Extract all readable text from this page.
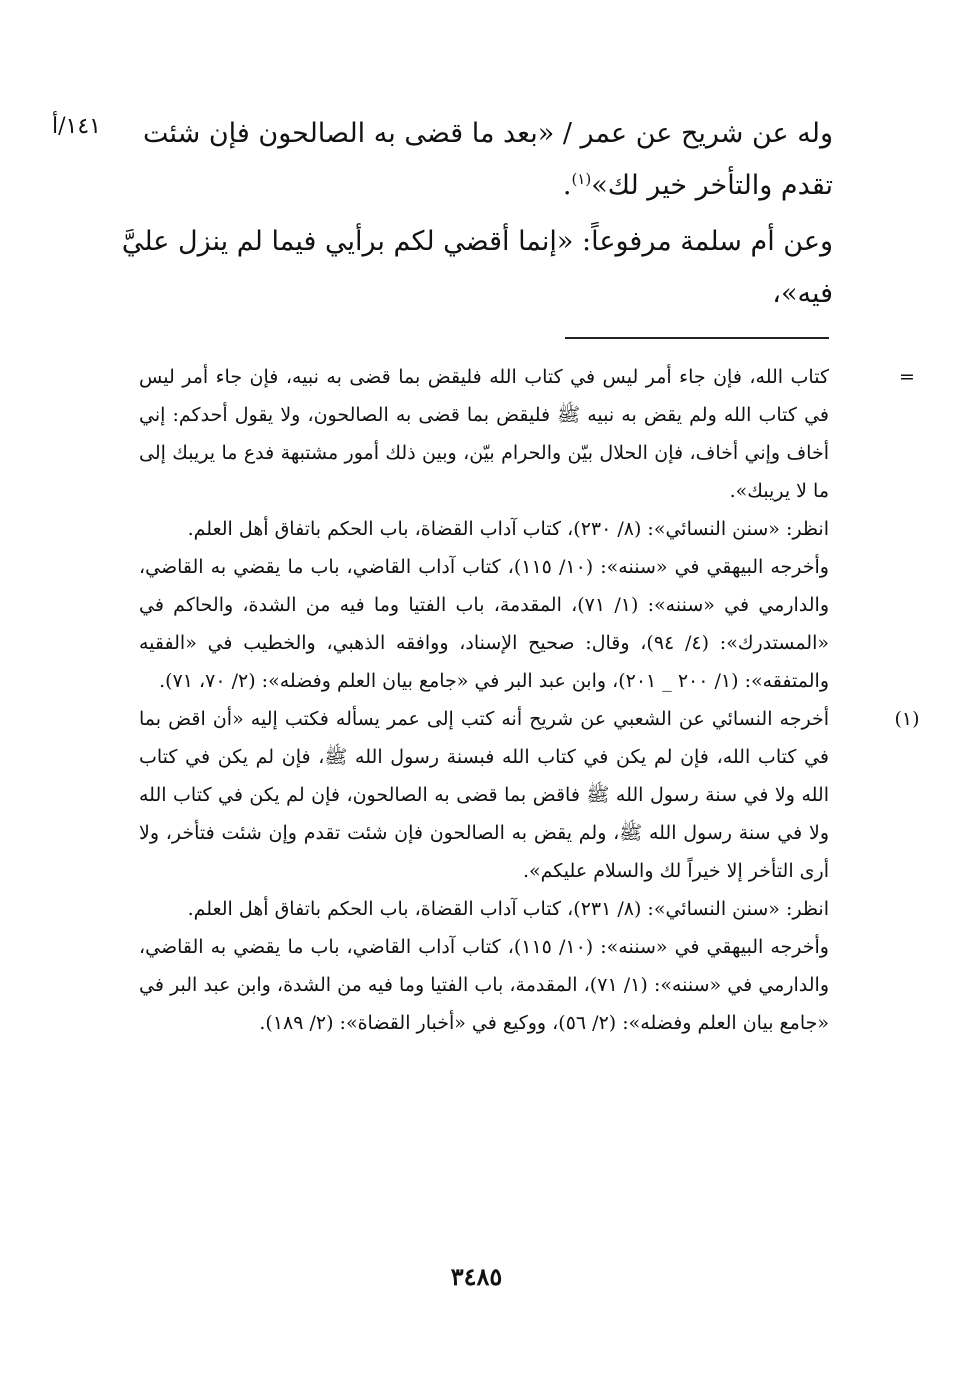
١٤١/أ	وله عن شريح عن عمر / «بعد ما قضى به الصالحون فإن شئت تقدم والتأخر خير لك»$^{(١)}$.

وعن أم سلمة مرفوعاً: «إنما أقضي لكم برأيي فيما لم ينزل عليَّ فيه»،

=

كتاب الله، فإن جاء أمر ليس في كتاب الله فليقض بما قضى به نبيه، فإن جاء أمر ليس في كتاب الله ولم يقض به نبيه ﷺ فليقض بما قضى به الصالحون، ولا يقول أحدكم: إني أخاف وإني أخاف، فإن الحلال بيّن والحرام بيّن، وبين ذلك أمور مشتبهة فدع ما يريبك إلى ما لا يريبك».

انظر: «سنن النسائي»: (٨/ ٢٣٠)، كتاب آداب القضاة، باب الحكم باتفاق أهل العلم.

وأخرجه البيهقي في «سننه»: (١٠/ ١١٥)، كتاب آداب القاضي، باب ما يقضي به القاضي، والدارمي في «سننه»: (١/ ٧١)، المقدمة، باب الفتيا وما فيه من الشدة، والحاكم في «المستدرك»: (٤/ ٩٤)، وقال: صحيح الإسناد، ووافقه الذهبي، والخطيب في «الفقيه والمتفقه»: (١/ ٢٠٠ _ ٢٠١)، وابن عبد البر في «جامع بيان العلم وفضله»: (٢/ ٧٠، ٧١).

(١)

أخرجه النسائي عن الشعبي عن شريح أنه كتب إلى عمر يسأله فكتب إليه «أن اقض بما في كتاب الله، فإن لم يكن في كتاب الله فبسنة رسول الله ﷺ، فإن لم يكن في كتاب الله ولا في سنة رسول الله ﷺ فاقض بما قضى به الصالحون، فإن لم يكن في كتاب الله ولا في سنة رسول الله ﷺ، ولم يقض به الصالحون فإن شئت تقدم وإن شئت فتأخر، ولا أرى التأخر إلا خيراً لك والسلام عليكم».

انظر: «سنن النسائي»: (٨/ ٢٣١)، كتاب آداب القضاة، باب الحكم باتفاق أهل العلم.

وأخرجه البيهقي في «سننه»: (١٠/ ١١٥)، كتاب آداب القاضي، باب ما يقضي به القاضي، والدارمي في «سننه»: (١/ ٧١)، المقدمة، باب الفتيا وما فيه من الشدة، وابن عبد البر في «جامع بيان العلم وفضله»: (٢/ ٥٦)، ووكيع في «أخبار القضاة»: (٢/ ١٨٩).

٣٤٨٥
